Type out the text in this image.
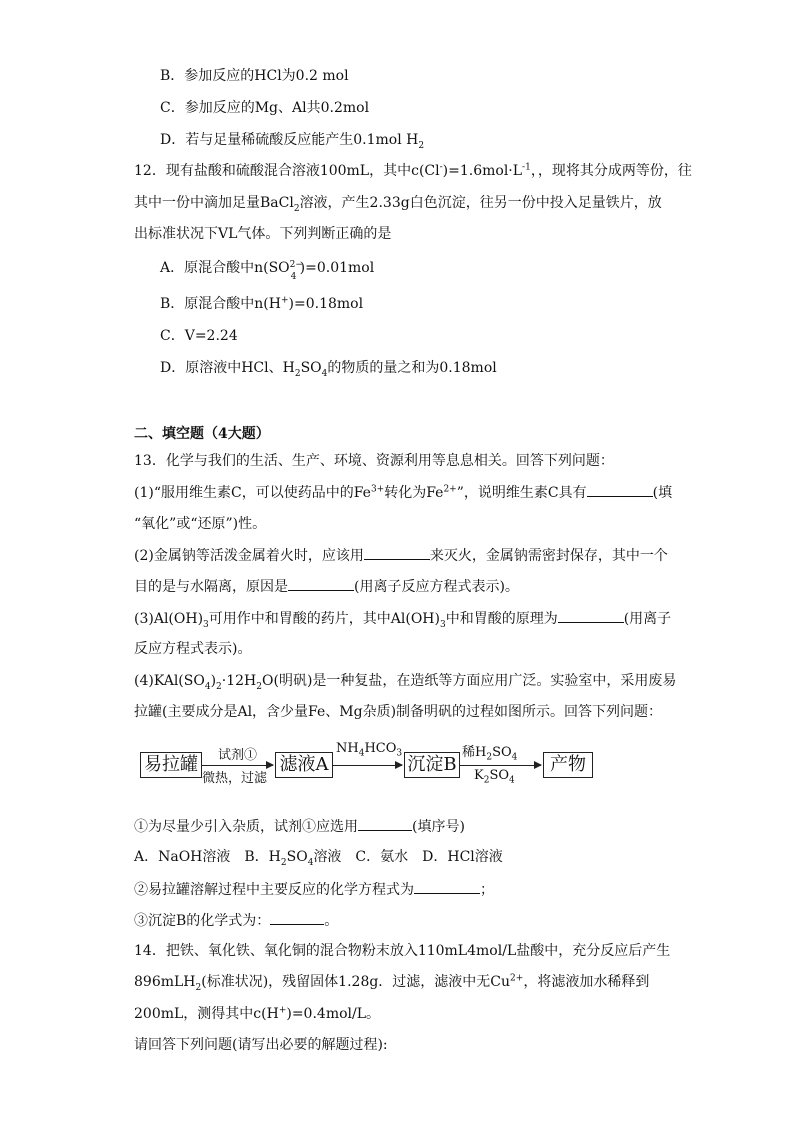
B．参加反应的HCl为0.2 mol
C．参加反应的Mg、Al共0.2mol
D．若与足量稀硫酸反应能产生0.1mol $H_2$
12．现有盐酸和硫酸混合溶液100mL，其中$c(Cl^-)=1.6mol\cdot L^{-1}$，，现将其分成两等份，往
其中一份中滴加足量BaCl$_2$溶液，产生2.33g白色沉淀，往另一份中投入足量铁片，放
出标准状况下VL气体。下列判断正确的是
A．原混合酸中n(SO 2−
4
)=0.01mol
B．原混合酸中n(H+)=0.18mol
C．V=2.24
D．原溶液中HCl、$H_2SO_4$的物质的量之和为0.18mol
二、填空题（4大题）
13．化学与我们的生活、生产、环境、资源利用等息息相关。回答下列问题：
(1)“服用维生素C，可以使药品中的$Fe^{3+}$转化为$Fe^{2+}$”，说明维生素C具有	(填
“氧化”或“还原”)性。
(2)金属钠等活泼金属着火时，应该用	来灭火，金属钠需密封保存，其中一个
目的是与水隔离，原因是	(用离子反应方程式表示)。
$(3)Al(OH)_3$可用作中和胃酸的药片，其中$Al(OH)_3$中和胃酸的原理为	(用离子
反应方程式表示)。
$(4)KAl(SO_4)_2\cdot 12H_2O$(明矾)是一种复盐，在造纸等方面应用广泛。实验室中，采用废易
拉罐(主要成分是Al，含少量Fe、Mg杂质)制备明矾的过程如图所示。回答下列问题：
易拉罐	试剂①
微热，过滤
滤液A
$NH_4HCO_3$
沉淀B
稀$H_2SO_4$
$K_2SO_4$
产物
①为尽量少引入杂质，试剂①应选用	(填序号)
A．NaOH溶液　B．$H_2SO_4$溶液　C．氨水　D．HCl溶液
②易拉罐溶解过程中主要反应的化学方程式为	；
③沉淀B的化学式为：	。
14．把铁、氧化铁、氧化铜的混合物粉末放入110mL4mol/L盐酸中，充分反应后产生
896mLH$_2$(标准状况)，残留固体1.28g．过滤，滤液中无$Cu^{2+}$，将滤液加水稀释到
200mL，测得其中c(H+)=0.4mol/L。
请回答下列问题(请写出必要的解题过程):
